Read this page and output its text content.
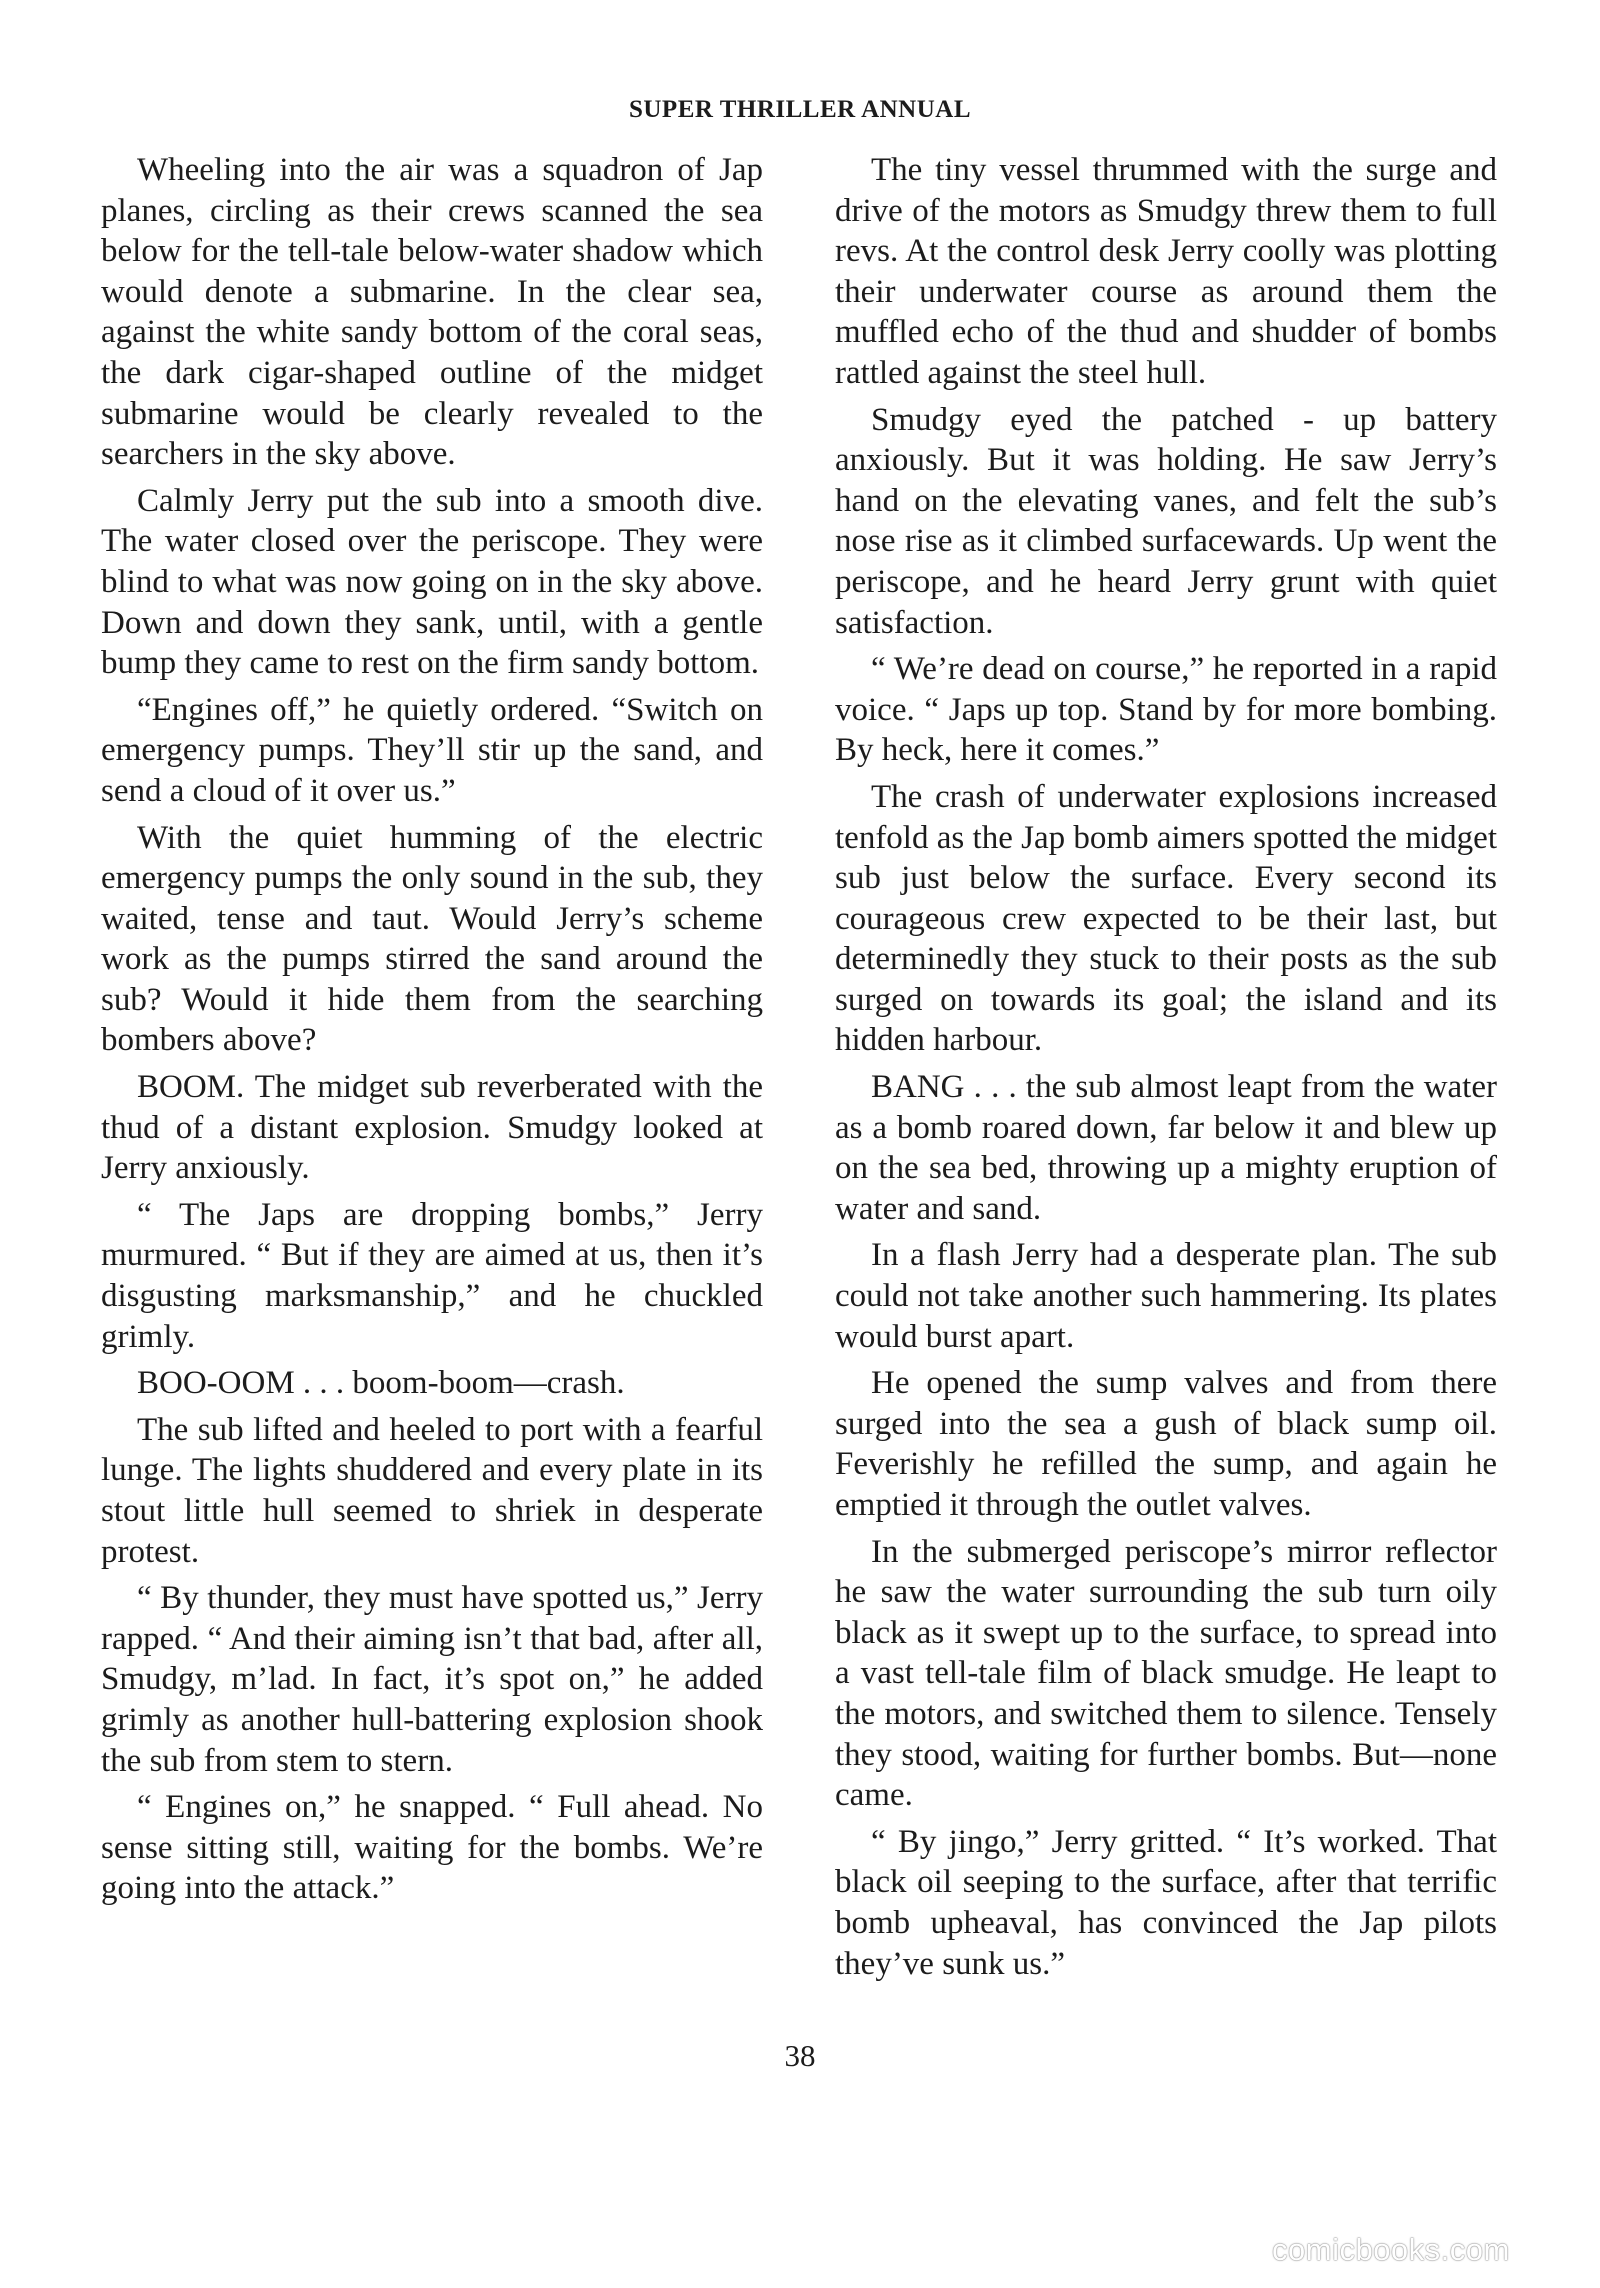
SUPER THRILLER ANNUAL

Wheeling into the air was a squadron of Jap planes, circling as their crews scanned the sea below for the tell-tale below-water shadow which would denote a submarine. In the clear sea, against the white sandy bottom of the coral seas, the dark cigar-shaped outline of the midget submarine would be clearly revealed to the searchers in the sky above.

Calmly Jerry put the sub into a smooth dive. The water closed over the periscope. They were blind to what was now going on in the sky above. Down and down they sank, until, with a gentle bump they came to rest on the firm sandy bottom.

“Engines off,” he quietly ordered. “Switch on emergency pumps. They’ll stir up the sand, and send a cloud of it over us.”

With the quiet humming of the electric emergency pumps the only sound in the sub, they waited, tense and taut. Would Jerry’s scheme work as the pumps stirred the sand around the sub? Would it hide them from the searching bombers above?

BOOM. The midget sub reverberated with the thud of a distant explosion. Smudgy looked at Jerry anxiously.

“ The Japs are dropping bombs,” Jerry murmured. “ But if they are aimed at us, then it’s disgusting marksmanship,” and he chuckled grimly.

BOO-OOM . . . boom-boom—crash.

The sub lifted and heeled to port with a fearful lunge. The lights shuddered and every plate in its stout little hull seemed to shriek in desperate protest.

“ By thunder, they must have spotted us,” Jerry rapped. “ And their aiming isn’t that bad, after all, Smudgy, m’lad. In fact, it’s spot on,” he added grimly as another hull-battering explosion shook the sub from stem to stern.

“ Engines on,” he snapped. “ Full ahead. No sense sitting still, waiting for the bombs. We’re going into the attack.”

The tiny vessel thrummed with the surge and drive of the motors as Smudgy threw them to full revs. At the control desk Jerry coolly was plotting their underwater course as around them the muffled echo of the thud and shudder of bombs rattled against the steel hull.

Smudgy eyed the patched - up battery anxiously. But it was holding. He saw Jerry’s hand on the elevating vanes, and felt the sub’s nose rise as it climbed surfacewards. Up went the periscope, and he heard Jerry grunt with quiet satisfaction.

“ We’re dead on course,” he reported in a rapid voice. “ Japs up top. Stand by for more bombing. By heck, here it comes.”

The crash of underwater explosions increased tenfold as the Jap bomb aimers spotted the midget sub just below the surface. Every second its courageous crew expected to be their last, but determinedly they stuck to their posts as the sub surged on towards its goal; the island and its hidden harbour.

BANG . . . the sub almost leapt from the water as a bomb roared down, far below it and blew up on the sea bed, throwing up a mighty eruption of water and sand.

In a flash Jerry had a desperate plan. The sub could not take another such hammering. Its plates would burst apart.

He opened the sump valves and from there surged into the sea a gush of black sump oil. Feverishly he refilled the sump, and again he emptied it through the outlet valves.

In the submerged periscope’s mirror reflector he saw the water surrounding the sub turn oily black as it swept up to the surface, to spread into a vast tell-tale film of black smudge. He leapt to the motors, and switched them to silence. Tensely they stood, waiting for further bombs. But—none came.

“ By jingo,” Jerry gritted. “ It’s worked. That black oil seeping to the surface, after that terrific bomb upheaval, has convinced the Jap pilots they’ve sunk us.”

38
comicbooks.com
